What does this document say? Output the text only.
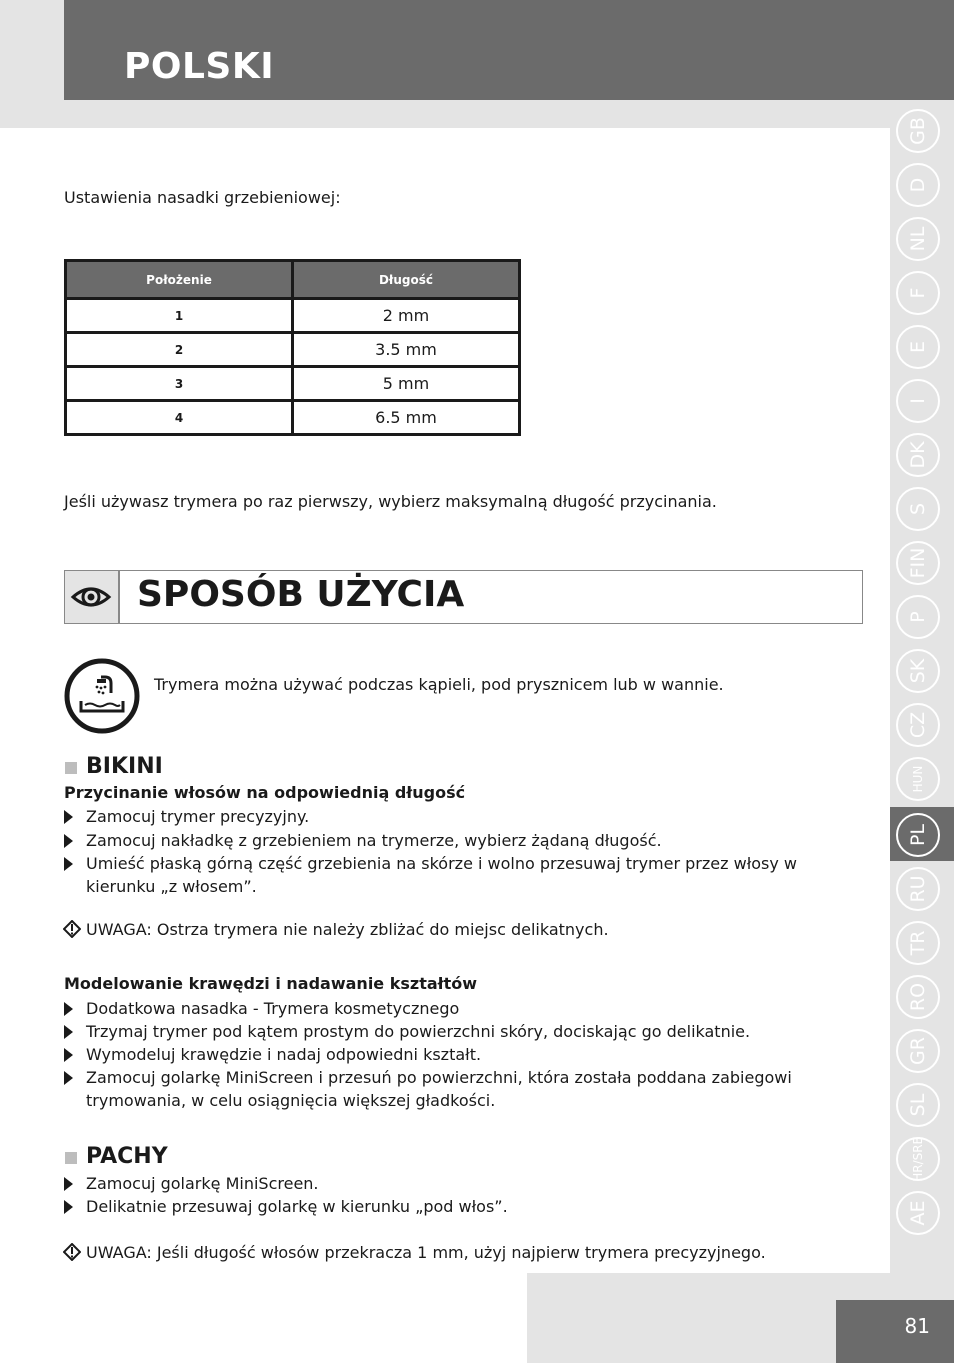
POLSKI
GB
D
NL
F
E
I
DK
S
FIN
P
SK
CZ
HUN
PL
RU
TR
RO
GR
SL
HR/SRB
AE
Ustawienia nasadki grzebieniowej:
Położenie	Długość
1	2 mm
2	3.5 mm
3	5 mm
4	6.5 mm
Jeśli używasz trymera po raz pierwszy, wybierz maksymalną długość przycinania.
SPOSÓB UŻYCIA
Trymera można używać podczas kąpieli, pod prysznicem lub w wannie.
BIKINI
Przycinanie włosów na odpowiednią długość
Zamocuj trymer precyzyjny.
Zamocuj nakładkę z grzebieniem na trymerze, wybierz żądaną długość.
Umieść płaską górną część grzebienia na skórze i wolno przesuwaj trymer przez włosy w
kierunku „z włosem”.
UWAGA: Ostrza trymera nie należy zbliżać do miejsc delikatnych.
Modelowanie krawędzi i nadawanie kształtów
Dodatkowa nasadka - Trymera kosmetycznego
Trzymaj trymer pod kątem prostym do powierzchni skóry, dociskając go delikatnie.
Wymodeluj krawędzie i nadaj odpowiedni kształt.
Zamocuj golarkę MiniScreen i przesuń po powierzchni, która została poddana zabiegowi
trymowania, w celu osiągnięcia większej gładkości.
PACHY
Zamocuj golarkę MiniScreen.
Delikatnie przesuwaj golarkę w kierunku „pod włos”.
UWAGA: Jeśli długość włosów przekracza 1 mm, użyj najpierw trymera precyzyjnego.
81
